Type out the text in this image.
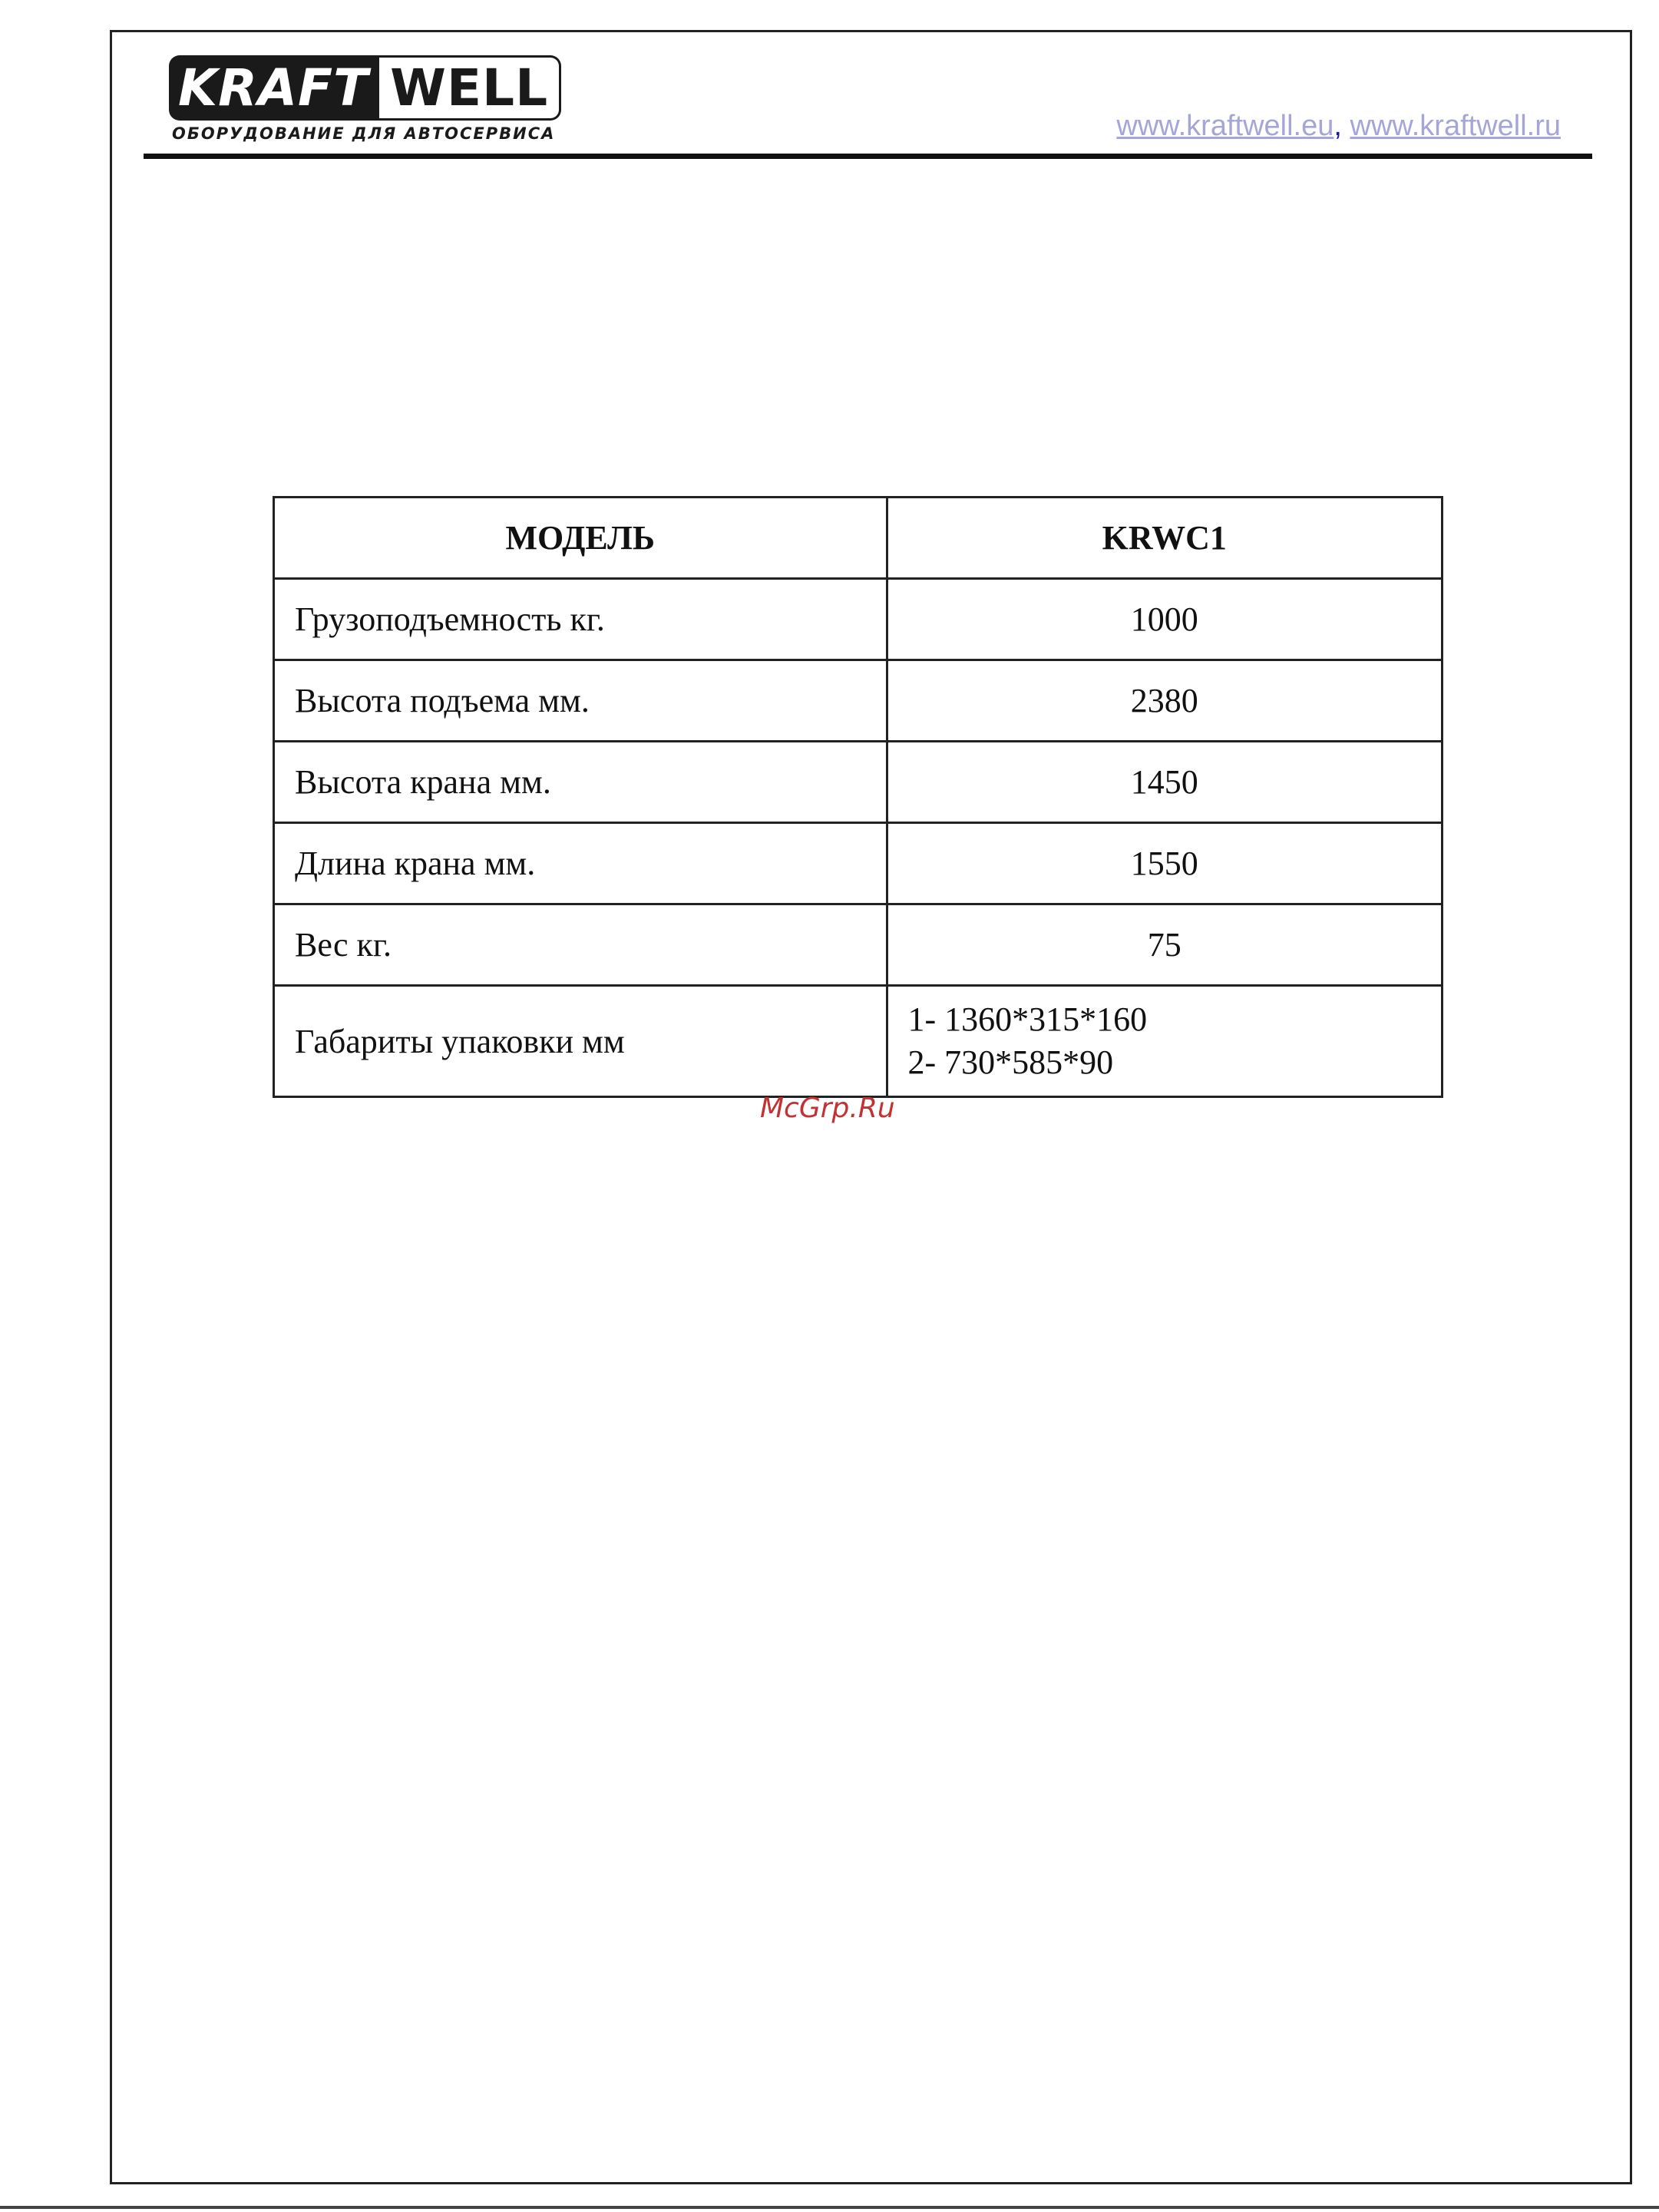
KRAFT WELL
ОБОРУДОВАНИЕ ДЛЯ АВТОСЕРВИСА	www.kraftwell.eu, www.kraftwell.ru
МОДЕЛЬ	KRWC1
Грузоподъемность кг.	1000
Высота подъема мм.	2380
Высота крана мм.	1450
Длина крана мм.	1550
Вес кг.	75
Габариты упаковки мм	1- 1360*315*160
2- 730*585*90
McGrp.Ru
